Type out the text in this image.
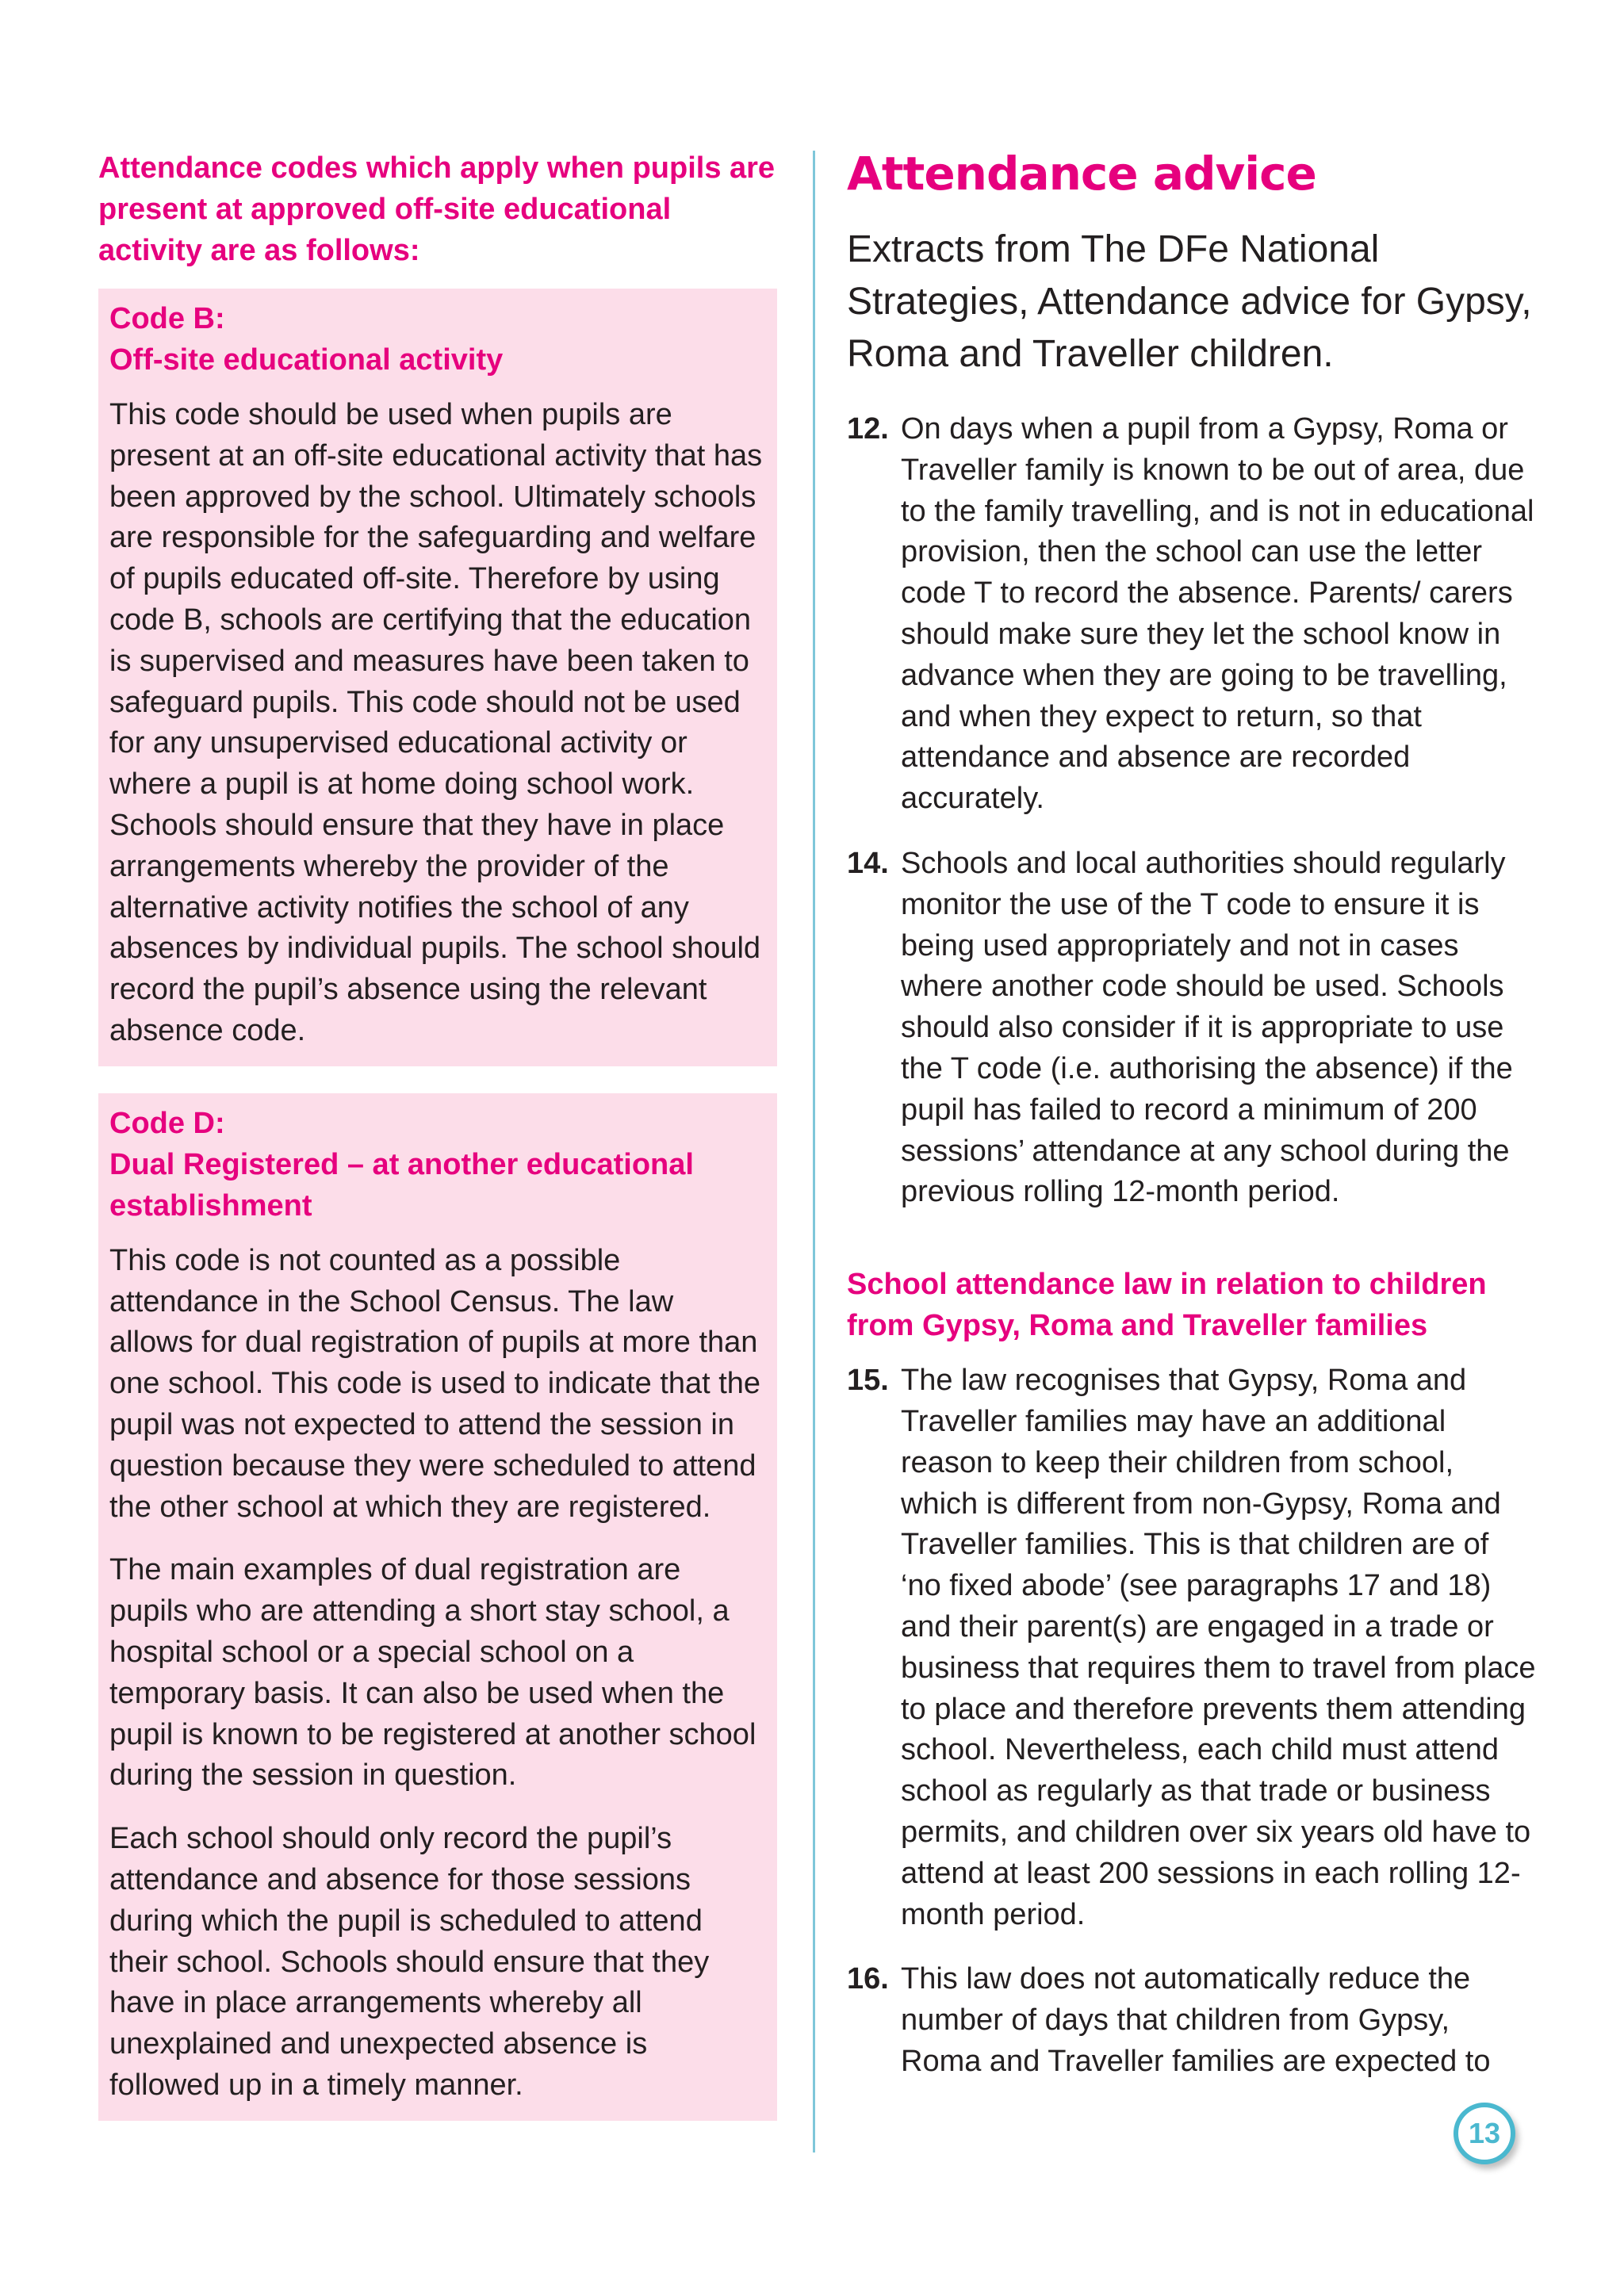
Attendance codes which apply when pupils are present at approved off-site educational activity are as follows:

Code B:
Off-site educational activity

This code should be used when pupils are present at an off-site educational activity that has been approved by the school. Ultimately schools are responsible for the safeguarding and welfare of pupils educated off-site. Therefore by using code B, schools are certifying that the education is supervised and measures have been taken to safeguard pupils. This code should not be used for any unsupervised educational activity or where a pupil is at home doing school work. Schools should ensure that they have in place arrangements whereby the provider of the alternative activity notifies the school of any absences by individual pupils. The school should record the pupil’s absence using the relevant absence code.

Code D:
Dual Registered – at another educational establishment

This code is not counted as a possible attendance in the School Census. The law allows for dual registration of pupils at more than one school. This code is used to indicate that the pupil was not expected to attend the session in question because they were scheduled to attend the other school at which they are registered.

The main examples of dual registration are pupils who are attending a short stay school, a hospital school or a special school on a temporary basis. It can also be used when the pupil is known to be registered at another school during the session in question.

Each school should only record the pupil’s attendance and absence for those sessions during which the pupil is scheduled to attend their school. Schools should ensure that they have in place arrangements whereby all unexplained and unexpected absence is followed up in a timely manner.

Attendance advice

Extracts from The DFe National Strategies, Attendance advice for Gypsy, Roma and Traveller children.

12. On days when a pupil from a Gypsy, Roma or Traveller family is known to be out of area, due to the family travelling, and is not in educational provision, then the school can use the letter code T to record the absence. Parents/ carers should make sure they let the school know in advance when they are going to be travelling, and when they expect to return, so that attendance and absence are recorded accurately.
14. Schools and local authorities should regularly monitor the use of the T code to ensure it is being used appropriately and not in cases where another code should be used. Schools should also consider if it is appropriate to use the T code (i.e. authorising the absence) if the pupil has failed to record a minimum of 200 sessions’ attendance at any school during the previous rolling 12-month period.
School attendance law in relation to children from Gypsy, Roma and Traveller families
15. The law recognises that Gypsy, Roma and Traveller families may have an additional reason to keep their children from school, which is different from non-Gypsy, Roma and Traveller families. This is that children are of ‘no fixed abode’ (see paragraphs 17 and 18) and their parent(s) are engaged in a trade or business that requires them to travel from place to place and therefore prevents them attending school. Nevertheless, each child must attend school as regularly as that trade or business permits, and children over six years old have to attend at least 200 sessions in each rolling 12-month period.
16. This law does not automatically reduce the number of days that children from Gypsy, Roma and Traveller families are expected to
13
